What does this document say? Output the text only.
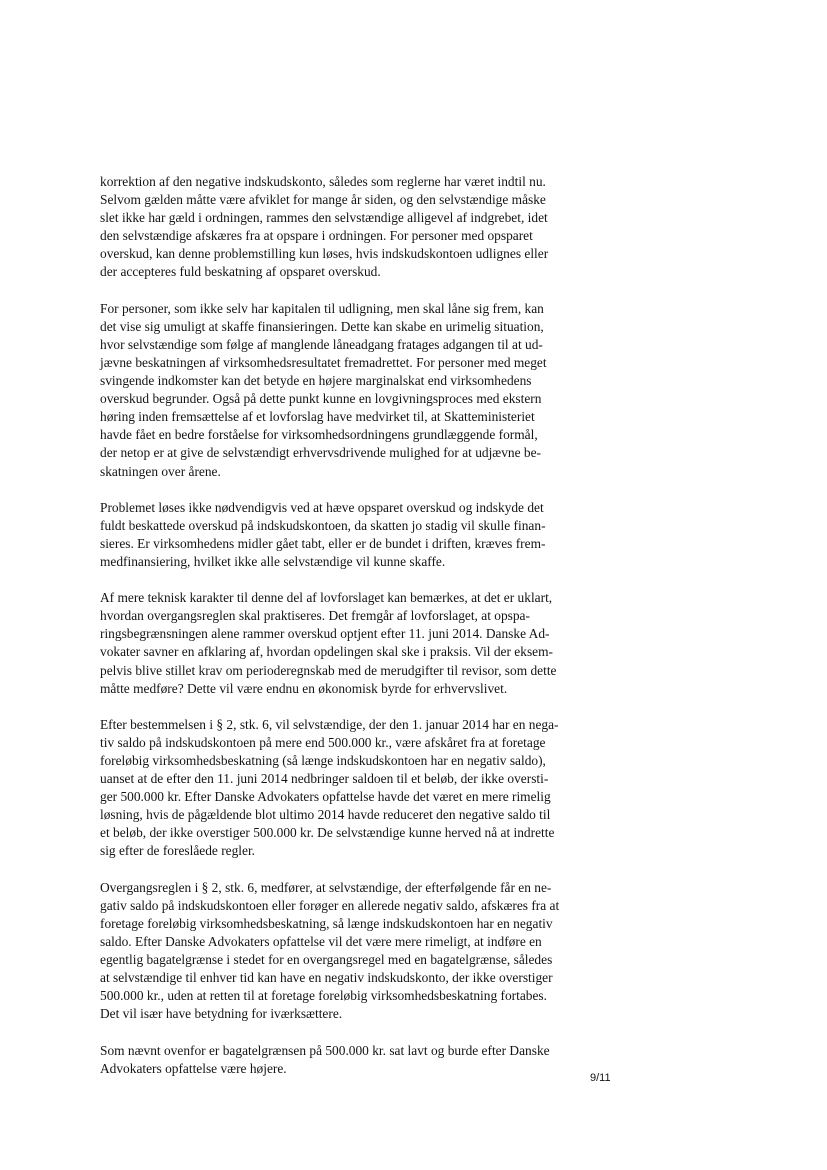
korrektion af den negative indskudskonto, således som reglerne har været indtil nu.
Selvom gælden måtte være afviklet for mange år siden, og den selvstændige måske
slet ikke har gæld i ordningen, rammes den selvstændige alligevel af indgrebet, idet
den selvstændige afskæres fra at opspare i ordningen. For personer med opsparet
overskud, kan denne problemstilling kun løses, hvis indskudskontoen udlignes eller
der accepteres fuld beskatning af opsparet overskud.

For personer, som ikke selv har kapitalen til udligning, men skal låne sig frem, kan
det vise sig umuligt at skaffe finansieringen. Dette kan skabe en urimelig situation,
hvor selvstændige som følge af manglende låneadgang fratages adgangen til at ud-
jævne beskatningen af virksomhedsresultatet fremadrettet. For personer med meget
svingende indkomster kan det betyde en højere marginalskat end virksomhedens
overskud begrunder. Også på dette punkt kunne en lovgivningsproces med ekstern
høring inden fremsættelse af et lovforslag have medvirket til, at Skatteministeriet
havde fået en bedre forståelse for virksomhedsordningens grundlæggende formål,
der netop er at give de selvstændigt erhvervsdrivende mulighed for at udjævne be-
skatningen over årene.

Problemet løses ikke nødvendigvis ved at hæve opsparet overskud og indskyde det
fuldt beskattede overskud på indskudskontoen, da skatten jo stadig vil skulle finan-
sieres. Er virksomhedens midler gået tabt, eller er de bundet i driften, kræves frem-
medfinansiering, hvilket ikke alle selvstændige vil kunne skaffe.

Af mere teknisk karakter til denne del af lovforslaget kan bemærkes, at det er uklart,
hvordan overgangsreglen skal praktiseres. Det fremgår af lovforslaget, at opspa-
ringsbegrænsningen alene rammer overskud optjent efter 11. juni 2014. Danske Ad-
vokater savner en afklaring af, hvordan opdelingen skal ske i praksis. Vil der eksem-
pelvis blive stillet krav om perioderegnskab med de merudgifter til revisor, som dette
måtte medføre? Dette vil være endnu en økonomisk byrde for erhvervslivet.

Efter bestemmelsen i § 2, stk. 6, vil selvstændige, der den 1. januar 2014 har en nega-
tiv saldo på indskudskontoen på mere end 500.000 kr., være afskåret fra at foretage
foreløbig virksomhedsbeskatning (så længe indskudskontoen har en negativ saldo),
uanset at de efter den 11. juni 2014 nedbringer saldoen til et beløb, der ikke oversti-
ger 500.000 kr. Efter Danske Advokaters opfattelse havde det været en mere rimelig
løsning, hvis de pågældende blot ultimo 2014 havde reduceret den negative saldo til
et beløb, der ikke overstiger 500.000 kr. De selvstændige kunne herved nå at indrette
sig efter de foreslåede regler.

Overgangsreglen i § 2, stk. 6, medfører, at selvstændige, der efterfølgende får en ne-
gativ saldo på indskudskontoen eller forøger en allerede negativ saldo, afskæres fra at
foretage foreløbig virksomhedsbeskatning, så længe indskudskontoen har en negativ
saldo. Efter Danske Advokaters opfattelse vil det være mere rimeligt, at indføre en
egentlig bagatelgrænse i stedet for en overgangsregel med en bagatelgrænse, således
at selvstændige til enhver tid kan have en negativ indskudskonto, der ikke overstiger
500.000 kr., uden at retten til at foretage foreløbig virksomhedsbeskatning fortabes.
Det vil især have betydning for iværksættere.

Som nævnt ovenfor er bagatelgrænsen på 500.000 kr. sat lavt og burde efter Danske
Advokaters opfattelse være højere.

9/11
